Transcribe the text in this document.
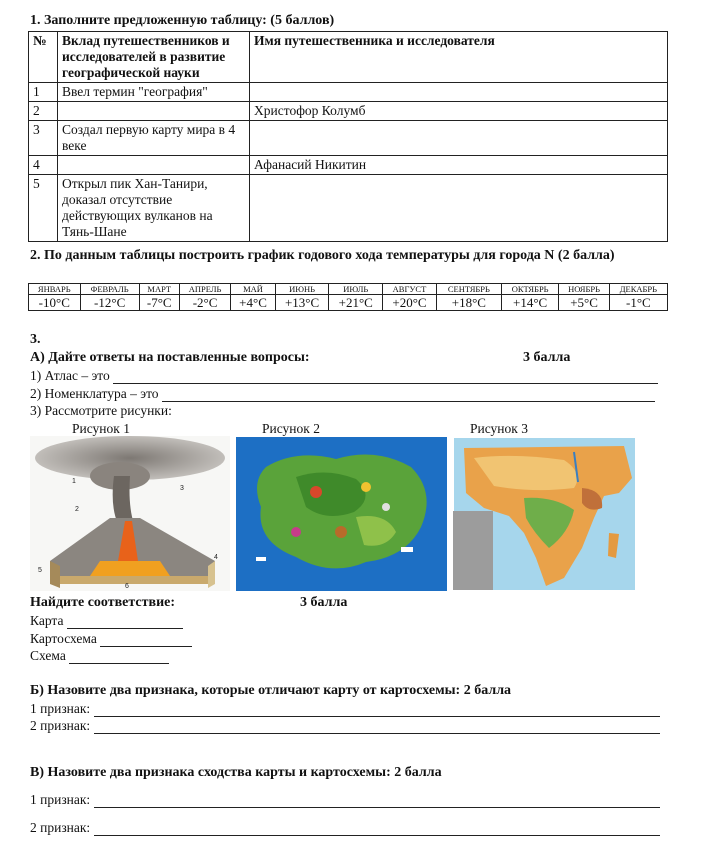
1. Заполните предложенную таблицу: (5 баллов)
№	Вклад путешественников и исследователей в развитие географической науки	Имя путешественника и исследователя
1	Ввел термин "география"	
2		Христофор Колумб
3	Создал первую карту мира в 4 веке	
4		Афанасий Никитин
5	Открыл пик Хан-Танири, доказал отсутствие действующих вулканов на Тянь-Шане	
2. По данным таблицы построить график годового хода температуры для города N (2 балла)
ЯНВАРЬ	ФЕВРАЛЬ	МАРТ	АПРЕЛЬ	МАЙ	ИЮНЬ	ИЮЛЬ	АВГУСТ	СЕНТЯБРЬ	ОКТЯБРЬ	НОЯБРЬ	ДЕКАБРЬ
-10°C	-12°C	-7°C	-2°C	+4°C	+13°C	+21°C	+20°C	+18°C	+14°C	+5°C	-1°C
3.
А) Дайте ответы на поставленные вопросы:	3 балла
1) Атлас – это
2) Номенклатура – это
3) Рассмотрите рисунки:
Рисунок 1	Рисунок 2	Рисунок 3
1
2
3
4
5
6
Найдите соответствие:	3 балла
Карта
Картосхема
Схема
Б) Назовите два признака, которые отличают карту от картосхемы: 2 балла
1 признак:
2 признак:
В) Назовите два признака сходства карты и картосхемы: 2 балла
1 признак:
2 признак:
